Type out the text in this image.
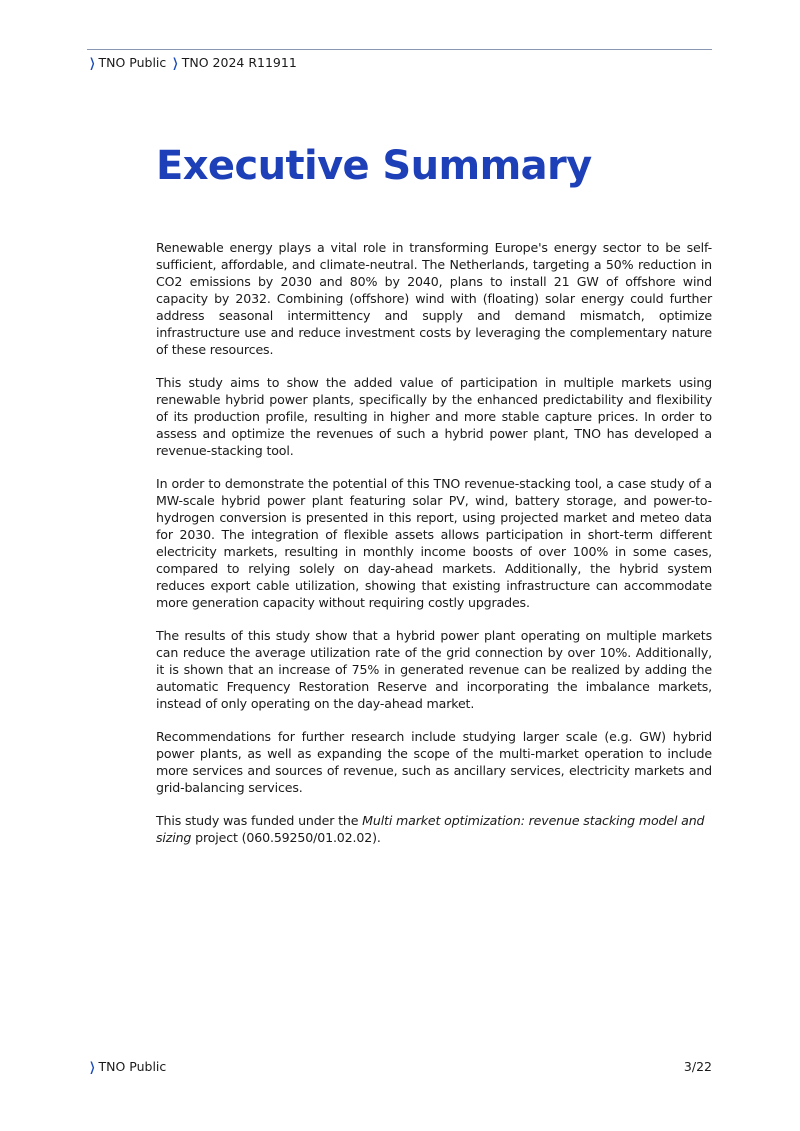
❯ TNO Public ❯ TNO 2024 R11911
Executive Summary

Renewable energy plays a vital role in transforming Europe's energy sector to be self-sufficient, affordable, and climate-neutral. The Netherlands, targeting a 50% reduction in CO2 emissions by 2030 and 80% by 2040, plans to install 21 GW of offshore wind capacity by 2032. Combining (offshore) wind with (floating) solar energy could further address seasonal intermittency and supply and demand mismatch, optimize infrastructure use and reduce investment costs by leveraging the complementary nature of these resources.

This study aims to show the added value of participation in multiple markets using renewable hybrid power plants, specifically by the enhanced predictability and flexibility of its production profile, resulting in higher and more stable capture prices. In order to assess and optimize the revenues of such a hybrid power plant, TNO has developed a revenue-stacking tool.

In order to demonstrate the potential of this TNO revenue-stacking tool, a case study of a MW-scale hybrid power plant featuring solar PV, wind, battery storage, and power-to-hydrogen conversion is presented in this report, using projected market and meteo data for 2030. The integration of flexible assets allows participation in short-term different electricity markets, resulting in monthly income boosts of over 100% in some cases, compared to relying solely on day-ahead markets. Additionally, the hybrid system reduces export cable utilization, showing that existing infrastructure can accommodate more generation capacity without requiring costly upgrades.

The results of this study show that a hybrid power plant operating on multiple markets can reduce the average utilization rate of the grid connection by over 10%. Additionally, it is shown that an increase of 75% in generated revenue can be realized by adding the automatic Frequency Restoration Reserve and incorporating the imbalance markets, instead of only operating on the day-ahead market.

Recommendations for further research include studying larger scale (e.g. GW) hybrid power plants, as well as expanding the scope of the multi-market operation to include more services and sources of revenue, such as ancillary services, electricity markets and grid-balancing services.

This study was funded under the Multi market optimization: revenue stacking model and sizing project (060.59250/01.02.02).

❯ TNO Public	3/22
